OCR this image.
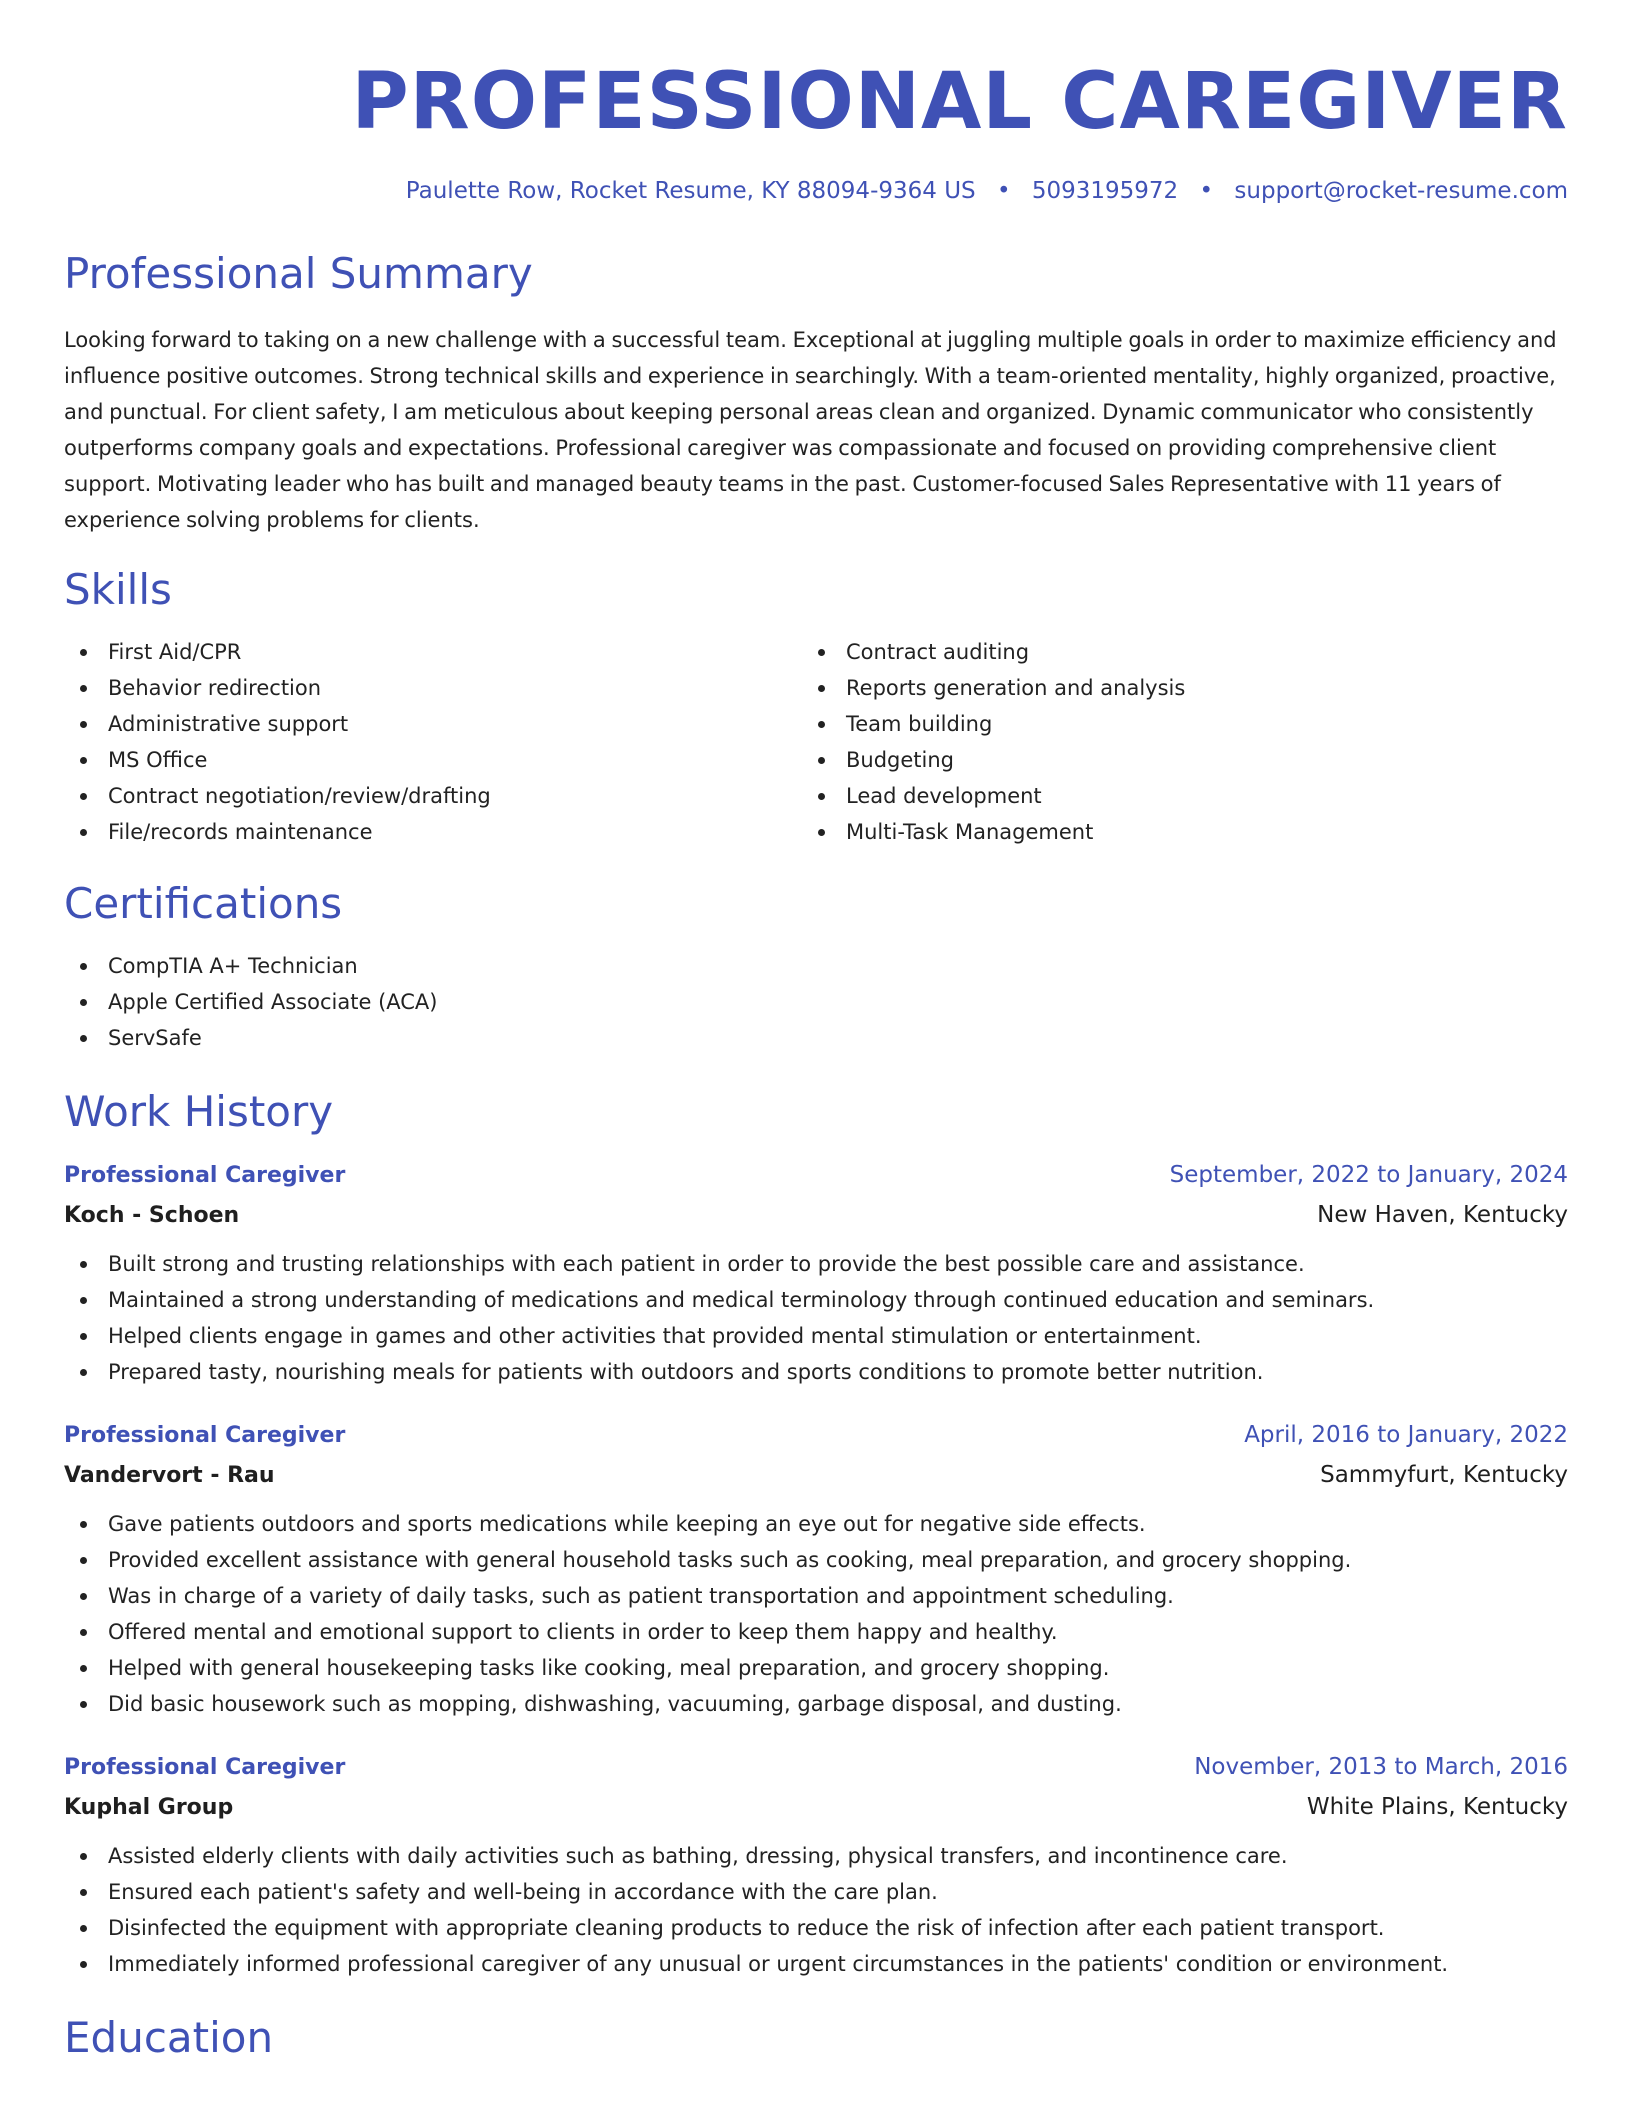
PROFESSIONAL CAREGIVER
Paulette Row, Rocket Resume, KY 88094-9364 US • 5093195972 • support@rocket-resume.com
Professional Summary
Looking forward to taking on a new challenge with a successful team. Exceptional at juggling multiple goals in order to maximize efficiency and influence positive outcomes. Strong technical skills and experience in searchingly. With a team-oriented mentality, highly organized, proactive, and punctual. For client safety, I am meticulous about keeping personal areas clean and organized. Dynamic communicator who consistently outperforms company goals and expectations. Professional caregiver was compassionate and focused on providing comprehensive client support. Motivating leader who has built and managed beauty teams in the past. Customer-focused Sales Representative with 11 years of experience solving problems for clients.
Skills
First Aid/CPR
Behavior redirection
Administrative support
MS Office
Contract negotiation/review/drafting
File/records maintenance
Contract auditing
Reports generation and analysis
Team building
Budgeting
Lead development
Multi-Task Management
Certifications
CompTIA A+ Technician
Apple Certified Associate (ACA)
ServSafe
Work History
Professional Caregiver	September, 2022 to January, 2024
Koch - Schoen	New Haven, Kentucky
Built strong and trusting relationships with each patient in order to provide the best possible care and assistance.
Maintained a strong understanding of medications and medical terminology through continued education and seminars.
Helped clients engage in games and other activities that provided mental stimulation or entertainment.
Prepared tasty, nourishing meals for patients with outdoors and sports conditions to promote better nutrition.
Professional Caregiver	April, 2016 to January, 2022
Vandervort - Rau	Sammyfurt, Kentucky
Gave patients outdoors and sports medications while keeping an eye out for negative side effects.
Provided excellent assistance with general household tasks such as cooking, meal preparation, and grocery shopping.
Was in charge of a variety of daily tasks, such as patient transportation and appointment scheduling.
Offered mental and emotional support to clients in order to keep them happy and healthy.
Helped with general housekeeping tasks like cooking, meal preparation, and grocery shopping.
Did basic housework such as mopping, dishwashing, vacuuming, garbage disposal, and dusting.
Professional Caregiver	November, 2013 to March, 2016
Kuphal Group	White Plains, Kentucky
Assisted elderly clients with daily activities such as bathing, dressing, physical transfers, and incontinence care.
Ensured each patient's safety and well-being in accordance with the care plan.
Disinfected the equipment with appropriate cleaning products to reduce the risk of infection after each patient transport.
Immediately informed professional caregiver of any unusual or urgent circumstances in the patients' condition or environment.
Education
